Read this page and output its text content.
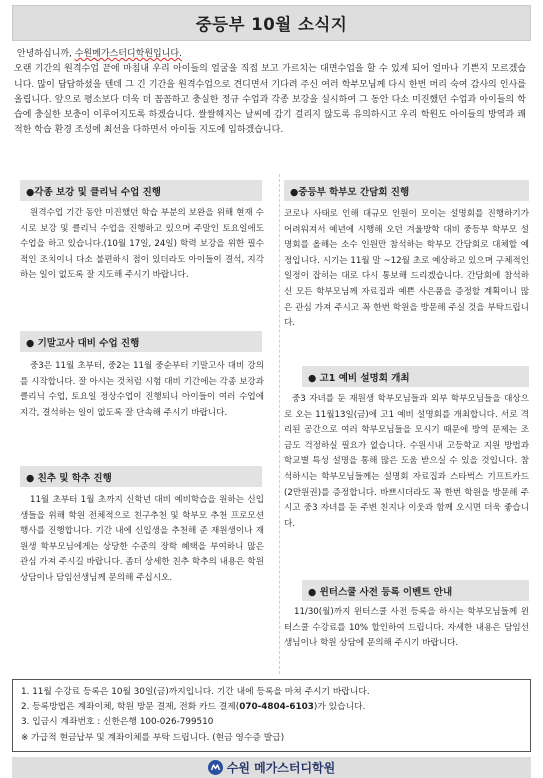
중등부 10월 소식지

안녕하십니까, 수원메가스터디학원입니다.

오랜 기간의 원격수업 끝에 마침내 우리 아이들의 얼굴을 직접 보고 가르치는 대면수업을 할 수 있게 되어 얼마나 기쁜지 모르겠습니다. 많이 답답하셨을 텐데 그 긴 기간을 원격수업으로 견디면서 기다려 주신 여러 학부모님께 다시 한번 머리 숙여 감사의 인사를 올립니다. 앞으로 평소보다 더욱 더 꼼꼼하고 충실한 정규 수업과 각종 보강을 실시하여 그 동안 다소 미진했던 수업과 아이들의 학습에 충실한 보충이 이루어지도록 하겠습니다. 쌀쌀해지는 날씨에 감기 걸리지 않도록 유의하시고 우리 학원도 아이들의 방역과 쾌적한 학습 환경 조성에 최선을 다하면서 아이들 지도에 임하겠습니다.

●각종 보강 및 클리닉 수업 진행

원격수업 기간 동안 미진했던 학습 부분의 보완을 위해 현재 수시로 보강 및 클리닉 수업을 진행하고 있으며 주말인 토요일에도 수업을 하고 있습니다.(10월 17일, 24일) 학력 보강을 위한 필수적인 조치이니 다소 불편하시 점이 있더라도 아이들이 결석, 지각하는 일이 없도록 잘 지도해 주시기 바랍니다.

● 기말고사 대비 수업 진행

중3은 11월 초부터, 중2는 11월 중순부터 기말고사 대비 강의를 시작합니다. 잘 아시는 것처럼 시험 대비 기간에는 각종 보강과 클리닉 수업, 토요일 정상수업이 진행되니 아이들이 여러 수업에 지각, 결석하는 일이 없도록 잘 단속해 주시기 바랍니다.

● 친추 및 학추 진행

11월 초부터 1월 초까지 신학년 대비 예비학습을 원하는 신입생들을 위해 학원 전체적으로 친구추천 및 학부모 추천 프로모션 행사를 진행합니다. 기간 내에 신입생을 추천해 준 재원생이나 재원생 학부모님에게는 상당한 수준의 장학 혜택을 부여하니 많은 관심 가져 주시길 바랍니다. 좀더 상세한 친추 학추의 내용은 학원 상담이나 담임선생님께 문의해 주십시오.

●중등부 학부모 간담회 진행

코로나 사태로 인해 대규모 인원이 모이는 설명회를 진행하기가 어려워져서 예년에 시행해 오던 겨울방학 대비 중등부 학부모 설명회를 올해는 소수 인원만 참석하는 학부모 간담회로 대체할 예정입니다. 시기는 11월 말 ~12월 초로 예상하고 있으며 구체적인 일정이 잡히는 대로 다시 통보해 드리겠습니다. 간담회에 참석하신 모든 학부모님께 자료집과 예쁜 사은품을 증정할 계획이니 많은 관심 가져 주시고 꼭 한번 학원을 방문해 주실 것을 부탁드립니다.

● 고1 예비 설명회 개최

중3 자녀를 둔 재원생 학부모님들과 외부 학부모님들을 대상으로 오는 11월13일(금)에 고1 예비 설명회를 개최합니다. 서로 격리된 공간으로 여러 학부모님들을 모시기 때문에 방역 문제는 조금도 걱정하실 필요가 없습니다. 수원시내 고등학교 지원 방법과 학교별 특성 설명을 통해 많은 도움 받으실 수 있을 것입니다. 참석하시는 학부모님들께는 설명회 자료집과 스타벅스 기프트카드(2만원권)를 증정합니다. 바쁘시더라도 꼭 한번 학원을 방문해 주시고 중3 자녀를 둔 주변 친지나 이웃과 함께 오시면 더욱 좋습니다.

● 윈터스쿨 사전 등록 이벤트 안내

11/30(월)까지 윈터스쿨 사전 등록을 하시는 학부모님들께 윈터스쿨 수강료를 10% 할인하여 드립니다. 자세한 내용은 담임선생님이나 학원 상담에 문의해 주시기 바랍니다.

1. 11월 수강료 등록은 10월 30일(금)까지입니다. 기간 내에 등록을 마쳐 주시기 바랍니다.
2. 등록방법은 계좌이체, 학원 방문 결제, 전화 카드 결제(070-4804-6103)가 있습니다.
3. 입금시 계좌번호 : 신한은행 100-026-799510
※ 가급적 현금납부 및 계좌이체를 부탁 드립니다. (현금 영수증 발급)
수원 메가스터디학원
